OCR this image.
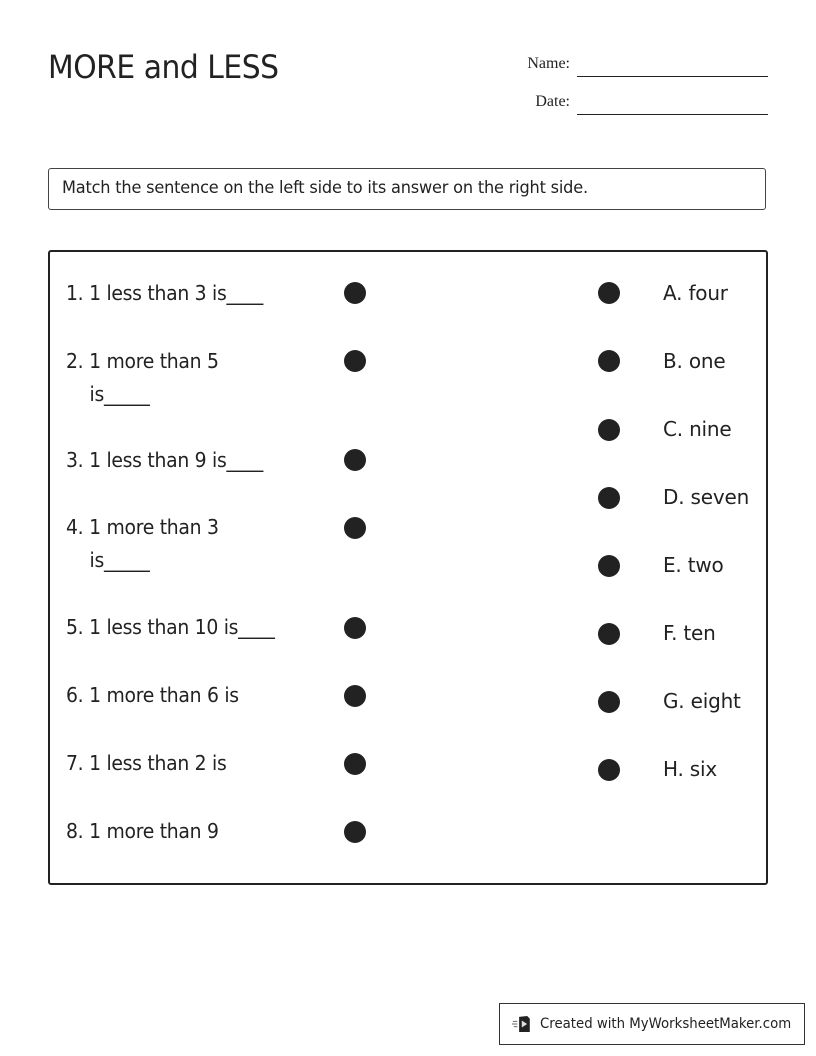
MORE and LESS	Name:
Date:
Match the sentence on the left side to its answer on the right side.
1. 1 less than 3 is____
2. 1 more than 5
is_____
3. 1 less than 9 is____
4. 1 more than 3
is_____
5. 1 less than 10 is____
6. 1 more than 6 is
7. 1 less than 2 is
8. 1 more than 9
A. four
B. one
C. nine
D. seven
E. two
F. ten
G. eight
H. six
Created with MyWorksheetMaker.com
